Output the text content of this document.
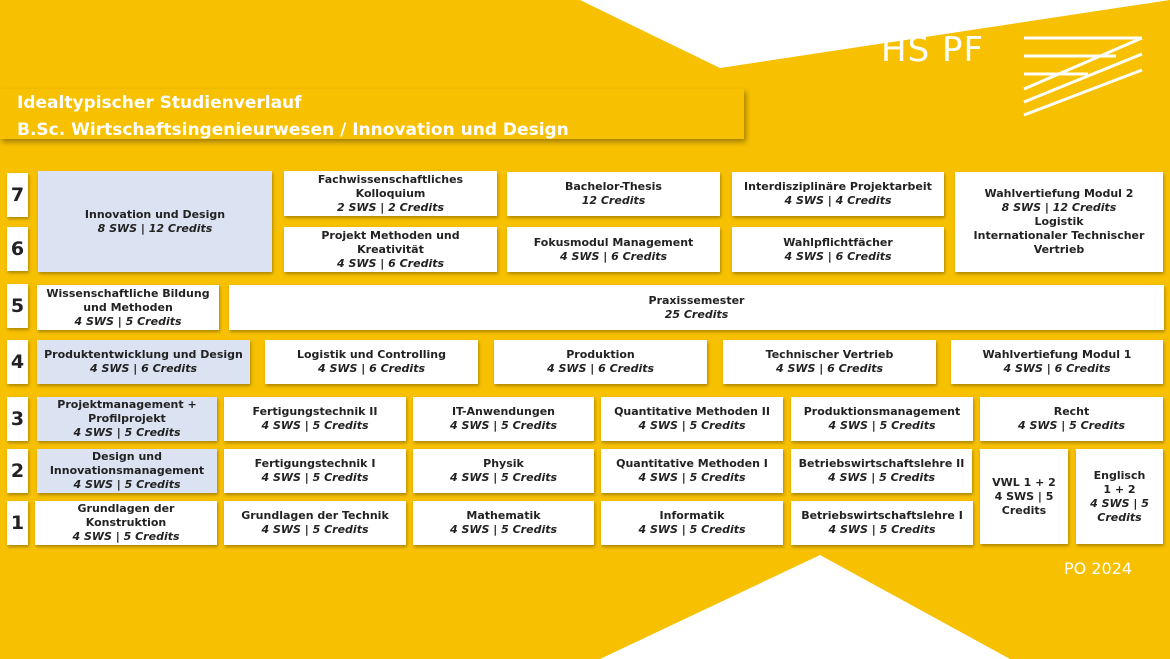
HS PF
Idealtypischer Studienverlauf
B.Sc. Wirtschaftsingenieurwesen / Innovation und Design
7
6
5
4
3
2
1
Innovation und Design
8 SWS | 12 Credits
Fachwissenschaftliches
Kolloquium
2 SWS | 2 Credits
Bachelor-Thesis
12 Credits
Interdisziplinäre Projektarbeit
4 SWS | 4 Credits
Wahlvertiefung Modul 2
8 SWS | 12 Credits
Logistik
Internationaler Technischer
Vertrieb
Projekt Methoden und Kreativität
4 SWS | 6 Credits
Fokusmodul Management
4 SWS | 6 Credits
Wahlpflichtfächer
4 SWS | 6 Credits
Wissenschaftliche Bildung
und Methoden
4 SWS | 5 Credits
Praxissemester
25 Credits
Produktentwicklung und Design
4 SWS | 6 Credits
Logistik und Controlling
4 SWS | 6 Credits
Produktion
4 SWS | 6 Credits
Technischer Vertrieb
4 SWS | 6 Credits
Wahlvertiefung Modul 1
4 SWS | 6 Credits
Projektmanagement +
Profilprojekt
4 SWS | 5 Credits
Fertigungstechnik II
4 SWS | 5 Credits
IT-Anwendungen
4 SWS | 5 Credits
Quantitative Methoden II
4 SWS | 5 Credits
Produktionsmanagement
4 SWS | 5 Credits
Recht
4 SWS | 5 Credits
Design und
Innovationsmanagement
4 SWS | 5 Credits
Fertigungstechnik I
4 SWS | 5 Credits
Physik
4 SWS | 5 Credits
Quantitative Methoden I
4 SWS | 5 Credits
Betriebswirtschaftslehre II
4 SWS | 5 Credits	VWL 1 + 2
4 SWS | 5
Credits
Englisch
1 + 2
4 SWS | 5
Credits
Grundlagen der Konstruktion
4 SWS | 5 Credits
Grundlagen der Technik
4 SWS | 5 Credits
Mathematik
4 SWS | 5 Credits
Informatik
4 SWS | 5 Credits
Betriebswirtschaftslehre I
4 SWS | 5 Credits
PO 2024
